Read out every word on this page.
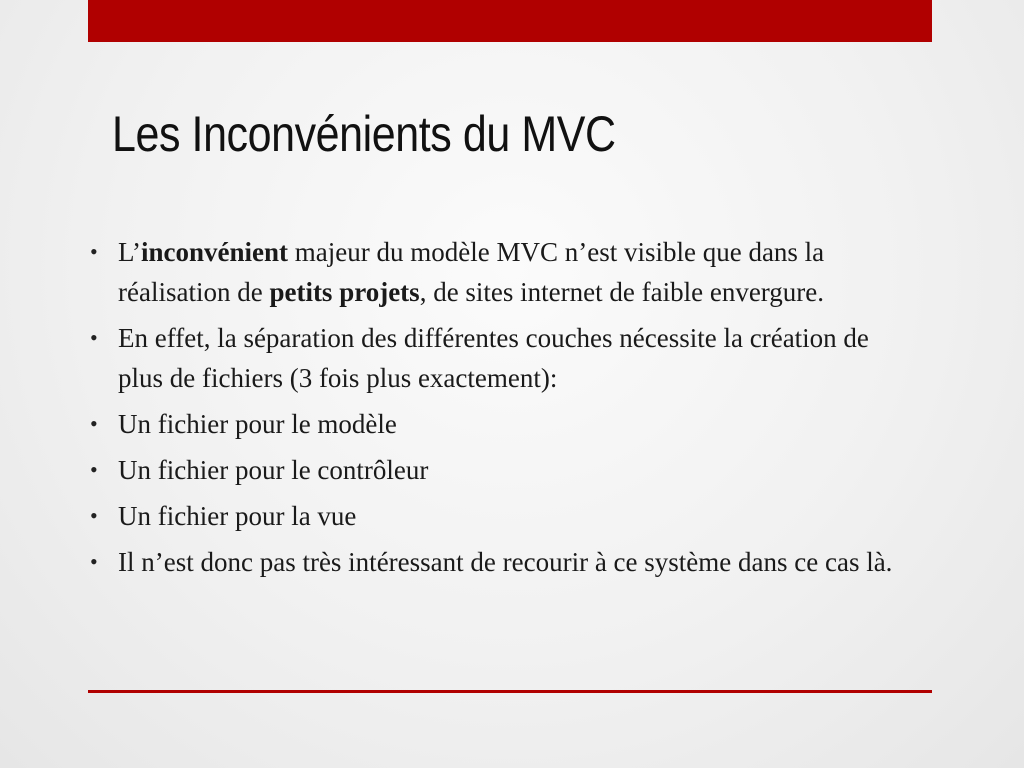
Les Inconvénients du MVC
• L’inconvénient majeur du modèle MVC n’est visible que dans la réalisation de petits projets, de sites internet de faible envergure.
• En effet, la séparation des différentes couches nécessite la création de plus de fichiers (3 fois plus exactement):
• Un fichier pour le modèle
• Un fichier pour le contrôleur
• Un fichier pour la vue
• Il n’est donc pas très intéressant de recourir à ce système dans ce cas là.
